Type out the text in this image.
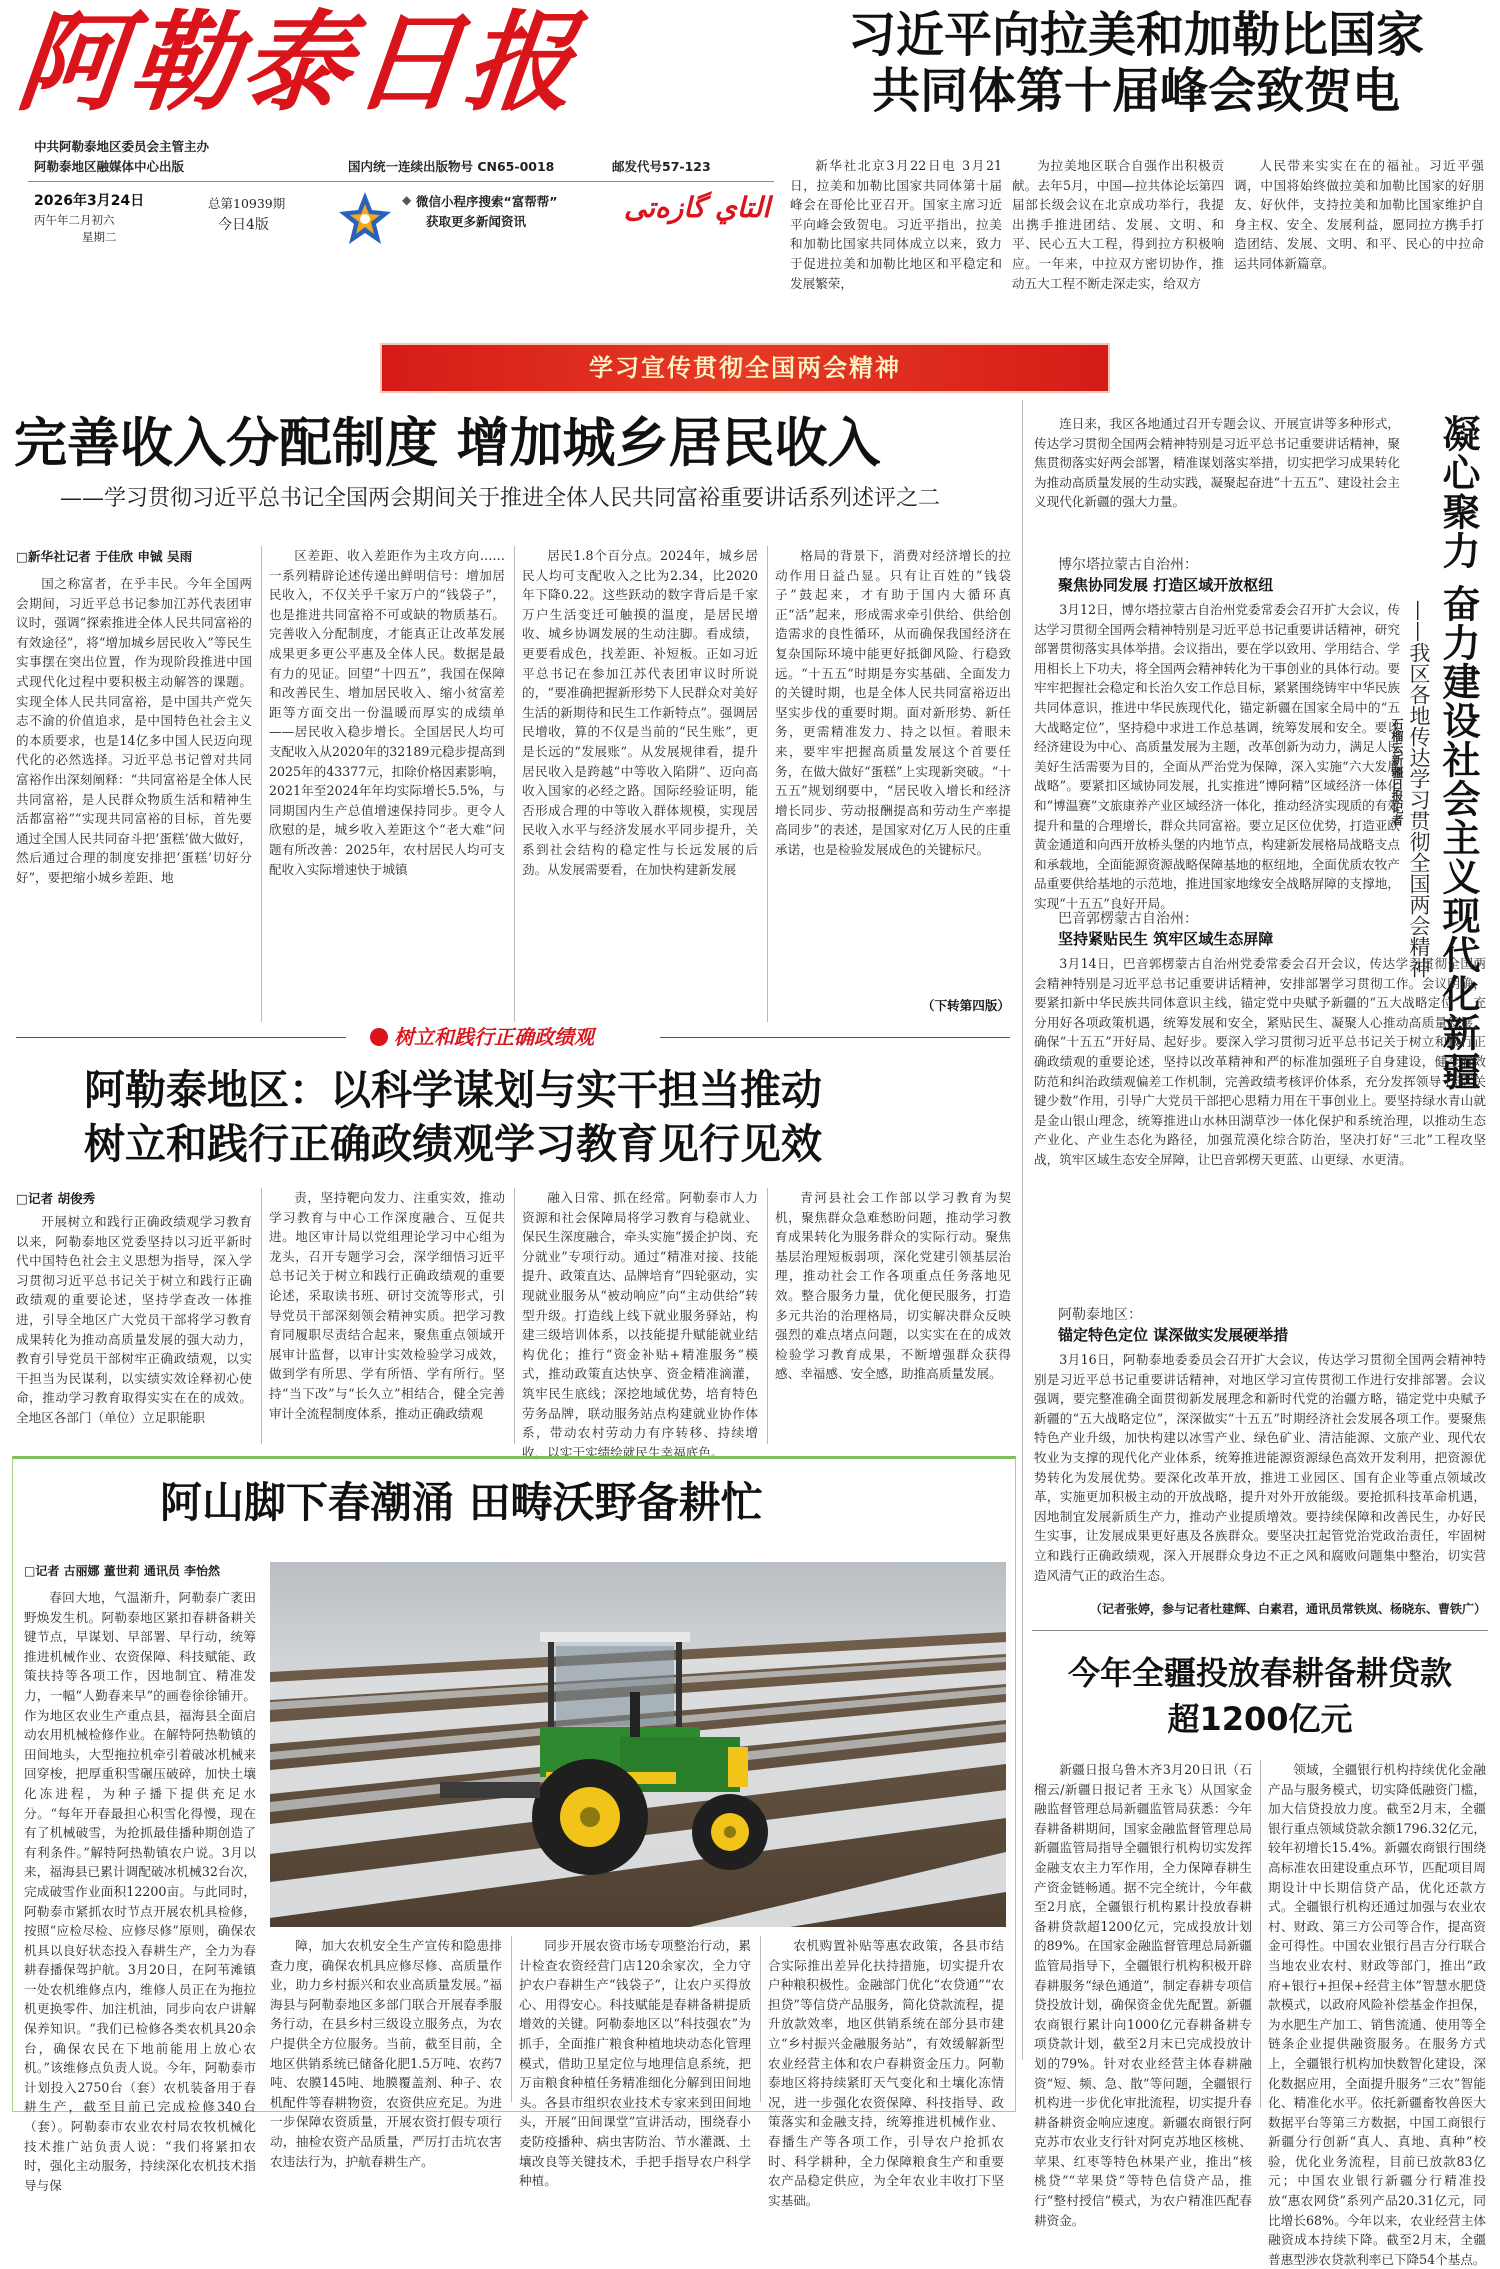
阿勒泰日报
中共阿勒泰地区委员会主管主办
阿勒泰地区融媒体中心出版	国内统一连续出版物号 CN65-0018	邮发代号57-123
2026年3月24日
丙午年二月初六
星期二
总第10939期
今日4版
◆ 微信小程序搜索“富帮帮”
获取更多新闻资讯	التاي گازەتى
习近平向拉美和加勒比国家
共同体第十届峰会致贺电

新华社北京3月22日电 3月21日，拉美和加勒比国家共同体第十届峰会在哥伦比亚召开。国家主席习近平向峰会致贺电。习近平指出，拉美和加勒比国家共同体成立以来，致力于促进拉美和加勒比地区和平稳定和发展繁荣，

为拉美地区联合自强作出积极贡献。去年5月，中国—拉共体论坛第四届部长级会议在北京成功举行，我提出携手推进团结、发展、文明、和平、民心五大工程，得到拉方积极响应。一年来，中拉双方密切协作，推动五大工程不断走深走实，给双方

人民带来实实在在的福祉。习近平强调，中国将始终做拉美和加勒比国家的好朋友、好伙伴，支持拉美和加勒比国家维护自身主权、安全、发展利益，愿同拉方携手打造团结、发展、文明、和平、民心的中拉命运共同体新篇章。

学习宣传贯彻全国两会精神
完善收入分配制度 增加城乡居民收入
——学习贯彻习近平总书记全国两会期间关于推进全体人民共同富裕重要讲话系列述评之二
□新华社记者 于佳欣 申铖 吴雨

国之称富者，在乎丰民。今年全国两会期间，习近平总书记参加江苏代表团审议时，强调“探索推进全体人民共同富裕的有效途径”，将“增加城乡居民收入”等民生实事摆在突出位置，作为现阶段推进中国式现代化过程中要积极主动解答的课题。实现全体人民共同富裕，是中国共产党矢志不渝的价值追求，是中国特色社会主义的本质要求，也是14亿多中国人民迈向现代化的必然选择。习近平总书记曾对共同富裕作出深刻阐释：“共同富裕是全体人民共同富裕，是人民群众物质生活和精神生活都富裕”“实现共同富裕的目标，首先要通过全国人民共同奋斗把‘蛋糕’做大做好，然后通过合理的制度安排把‘蛋糕’切好分好”，要把缩小城乡差距、地

区差距、收入差距作为主攻方向……一系列精辟论述传递出鲜明信号：增加居民收入，不仅关乎千家万户的“钱袋子”，也是推进共同富裕不可或缺的物质基石。完善收入分配制度，才能真正让改革发展成果更多更公平惠及全体人民。数据是最有力的见证。回望“十四五”，我国在保障和改善民生、增加居民收入、缩小贫富差距等方面交出一份温暖而厚实的成绩单——居民收入稳步增长。全国居民人均可支配收入从2020年的32189元稳步提高到2025年的43377元，扣除价格因素影响，2021年至2024年年均实际增长5.5%，与同期国内生产总值增速保持同步。更令人欣慰的是，城乡收入差距这个“老大难”问题有所改善：2025年，农村居民人均可支配收入实际增速快于城镇

居民1.8个百分点。2024年，城乡居民人均可支配收入之比为2.34，比2020年下降0.22。这些跃动的数字背后是千家万户生活变迁可触摸的温度，是居民增收、城乡协调发展的生动注脚。看成绩，更要看成色，找差距、补短板。正如习近平总书记在参加江苏代表团审议时所说的，“要准确把握新形势下人民群众对美好生活的新期待和民生工作新特点”。强调居民增收，算的不仅是当前的“民生账”，更是长远的“发展账”。从发展规律看，提升居民收入是跨越“中等收入陷阱”、迈向高收入国家的必经之路。国际经验证明，能否形成合理的中等收入群体规模，实现居民收入水平与经济发展水平同步提升，关系到社会结构的稳定性与长远发展的后劲。从发展需要看，在加快构建新发展

格局的背景下，消费对经济增长的拉动作用日益凸显。只有让百姓的“钱袋子”鼓起来，才有助于国内大循环真正“活”起来，形成需求牵引供给、供给创造需求的良性循环，从而确保我国经济在复杂国际环境中能更好抵御风险、行稳致远。“十五五”时期是夯实基础、全面发力的关键时期，也是全体人民共同富裕迈出坚实步伐的重要时期。面对新形势、新任务，更需精准发力、持之以恒。着眼未来，要牢牢把握高质量发展这个首要任务，在做大做好“蛋糕”上实现新突破。“十五五”规划纲要中，“居民收入增长和经济增长同步、劳动报酬提高和劳动生产率提高同步”的表述，是国家对亿万人民的庄重承诺，也是检验发展成色的关键标尺。

（下转第四版）
树立和践行正确政绩观
阿勒泰地区：以科学谋划与实干担当推动
树立和践行正确政绩观学习教育见行见效
□记者 胡俊秀

开展树立和践行正确政绩观学习教育以来，阿勒泰地区党委坚持以习近平新时代中国特色社会主义思想为指导，深入学习贯彻习近平总书记关于树立和践行正确政绩观的重要论述，坚持学查改一体推进，引导全地区广大党员干部将学习教育成果转化为推动高质量发展的强大动力，教育引导党员干部树牢正确政绩观，以实干担当为民谋利，以实绩实效诠释初心使命，推动学习教育取得实实在在的成效。全地区各部门（单位）立足职能职

责，坚持靶向发力、注重实效，推动学习教育与中心工作深度融合、互促共进。地区审计局以党组理论学习中心组为龙头，召开专题学习会，深学细悟习近平总书记关于树立和践行正确政绩观的重要论述，采取读书班、研讨交流等形式，引导党员干部深刻领会精神实质。把学习教育同履职尽责结合起来，聚焦重点领域开展审计监督，以审计实效检验学习成效，做到学有所思、学有所悟、学有所行。坚持“当下改”与“长久立”相结合，健全完善审计全流程制度体系，推动正确政绩观

融入日常、抓在经常。阿勒泰市人力资源和社会保障局将学习教育与稳就业、保民生深度融合，牵头实施“援企护岗、充分就业”专项行动。通过“精准对接、技能提升、政策直达、品牌培育”四轮驱动，实现就业服务从“被动响应”向“主动供给”转型升级。打造线上线下就业服务驿站，构建三级培训体系，以技能提升赋能就业结构优化；推行“资金补贴+精准服务”模式，推动政策直达快享、资金精准滴灌，筑牢民生底线；深挖地域优势，培育特色劳务品牌，联动服务站点构建就业协作体系，带动农村劳动力有序转移、持续增收，以实干实绩绘就民生幸福底色。

青河县社会工作部以学习教育为契机，聚焦群众急难愁盼问题，推动学习教育成果转化为服务群众的实际行动。聚焦基层治理短板弱项，深化党建引领基层治理，推动社会工作各项重点任务落地见效。整合服务力量，优化便民服务，打造多元共治的治理格局，切实解决群众反映强烈的难点堵点问题，以实实在在的成效检验学习教育成果，不断增强群众获得感、幸福感、安全感，助推高质量发展。

阿山脚下春潮涌 田畴沃野备耕忙
□记者 古丽娜 董世莉 通讯员 李怡然

春回大地，气温渐升，阿勒泰广袤田野焕发生机。阿勒泰地区紧扣春耕备耕关键节点，早谋划、早部署、早行动，统筹推进机械作业、农资保障、科技赋能、政策扶持等各项工作，因地制宜、精准发力，一幅“人勤春来早”的画卷徐徐铺开。作为地区农业生产重点县，福海县全面启动农用机械检修作业。在解特阿热勒镇的田间地头，大型拖拉机牵引着破冰机械来回穿梭，把厚重积雪碾压破碎，加快土壤化冻进程，为种子播下提供充足水分。“每年开春最担心积雪化得慢，现在有了机械破雪，为抢抓最佳播种期创造了有利条件。”解特阿热勒镇农户说。3月以来，福海县已累计调配破冰机械32台次，完成破雪作业面积12200亩。与此同时，阿勒泰市紧抓农时节点开展农机具检修，按照“应检尽检、应修尽修”原则，确保农机具以良好状态投入春耕生产，全力为春耕春播保驾护航。3月20日，在阿苇滩镇一处农机维修点内，维修人员正在为拖拉机更换零件、加注机油，同步向农户讲解保养知识。“我们已检修各类农机具20余台，确保农民在下地前能用上放心农机。”该维修点负责人说。今年，阿勒泰市计划投入2750台（套）农机装备用于春耕生产，截至目前已完成检修340台（套）。阿勒泰市农业农村局农牧机械化技术推广站负责人说：“我们将紧扣农时，强化主动服务，持续深化农机技术指导与保

障，加大农机安全生产宣传和隐患排查力度，确保农机具应修尽修、高质量作业，助力乡村振兴和农业高质量发展。”福海县与阿勒泰地区多部门联合开展春季服务行动，在县乡村三级设立服务点，为农户提供全方位服务。当前，截至目前，全地区供销系统已储备化肥1.5万吨、农药7吨、农膜145吨、地膜覆盖剂、种子、农机配件等春耕物资，农资供应充足。为进一步保障农资质量，开展农资打假专项行动，抽检农资产品质量，严厉打击坑农害农违法行为，护航春耕生产。

同步开展农资市场专项整治行动，累计检查农资经营门店120余家次，全力守护农户春耕生产“钱袋子”，让农户买得放心、用得安心。科技赋能是春耕备耕提质增效的关键。阿勒泰地区以“科技强农”为抓手，全面推广粮食种植地块动态化管理模式，借助卫星定位与地理信息系统，把万亩粮食种植任务精准细化分解到田间地头。各县市组织农业技术专家来到田间地头，开展“田间课堂”宣讲活动，围绕春小麦防疫播种、病虫害防治、节水灌溉、土壤改良等关键技术，手把手指导农户科学种植。

农机购置补贴等惠农政策，各县市结合实际推出差异化扶持措施，切实提升农户种粮积极性。金融部门优化“农贷通”“农担贷”等信贷产品服务，简化贷款流程，提升放款效率，地区供销系统在部分县市建立“乡村振兴金融服务站”，有效缓解新型农业经营主体和农户春耕资金压力。阿勒泰地区将持续紧盯天气变化和土壤化冻情况，进一步强化农资保障、科技指导、政策落实和金融支持，统筹推进机械作业、春播生产等各项工作，引导农户抢抓农时、科学耕种，全力保障粮食生产和重要农产品稳定供应，为全年农业丰收打下坚实基础。

连日来，我区各地通过召开专题会议、开展宣讲等多种形式，传达学习贯彻全国两会精神特别是习近平总书记重要讲话精神，聚焦贯彻落实好两会部署，精准谋划落实举措，切实把学习成果转化为推动高质量发展的生动实践，凝聚起奋进“十五五”、建设社会主义现代化新疆的强大力量。	凝心聚力 奋力建设社会主义现代化新疆
——我区各地传达学习贯彻全国两会精神
石榴云新疆日报记者
博尔塔拉蒙古自治州：
聚焦协同发展 打造区域开放枢纽

3月12日，博尔塔拉蒙古自治州党委常委会召开扩大会议，传达学习贯彻全国两会精神特别是习近平总书记重要讲话精神，研究部署贯彻落实具体举措。会议指出，要在学以致用、学用结合、学用相长上下功夫，将全国两会精神转化为干事创业的具体行动。要牢牢把握社会稳定和长治久安工作总目标，紧紧围绕铸牢中华民族共同体意识，推进中华民族现代化，锚定新疆在国家全局中的“五大战略定位”，坚持稳中求进工作总基调，统筹发展和安全。要以经济建设为中心、高质量发展为主题，改革创新为动力，满足人民美好生活需要为目的，全面从严治党为保障，深入实施“六大发展战略”。要紧扣区域协同发展，扎实推进“博阿精”区域经济一体化和“博温赛”文旅康养产业区域经济一体化，推动经济实现质的有效提升和量的合理增长，群众共同富裕。要立足区位优势，打造亚欧黄金通道和向西开放桥头堡的内地节点，构建新发展格局战略支点和承载地，全面能源资源战略保障基地的枢纽地，全面优质农牧产品重要供给基地的示范地，推进国家地缘安全战略屏障的支撑地，实现“十五五”良好开局。

巴音郭楞蒙古自治州：
坚持紧贴民生 筑牢区域生态屏障

3月14日，巴音郭楞蒙古自治州党委常委会召开会议，传达学习贯彻全国两会精神特别是习近平总书记重要讲话精神，安排部署学习贯彻工作。会议明确，要紧扣新中华民族共同体意识主线，锚定党中央赋予新疆的“五大战略定位”，充分用好各项政策机遇，统筹发展和安全，紧贴民生、凝聚人心推动高质量发展，确保“十五五”开好局、起好步。要深入学习贯彻习近平总书记关于树立和践行正确政绩观的重要论述，坚持以改革精神和严的标准加强班子自身建设，健全有效防范和纠治政绩观偏差工作机制，完善政绩考核评价体系，充分发挥领导干部“关键少数”作用，引导广大党员干部把心思精力用在干事创业上。要坚持绿水青山就是金山银山理念，统筹推进山水林田湖草沙一体化保护和系统治理，以推动生态产业化、产业生态化为路径，加强荒漠化综合防治，坚决打好“三北”工程攻坚战，筑牢区域生态安全屏障，让巴音郭楞天更蓝、山更绿、水更清。

阿勒泰地区：
锚定特色定位 谋深做实发展硬举措

3月16日，阿勒泰地委委员会召开扩大会议，传达学习贯彻全国两会精神特别是习近平总书记重要讲话精神，对地区学习宣传贯彻工作进行安排部署。会议强调，要完整准确全面贯彻新发展理念和新时代党的治疆方略，锚定党中央赋予新疆的“五大战略定位”，深深做实“十五五”时期经济社会发展各项工作。要聚焦特色产业升级，加快构建以冰雪产业、绿色矿业、清洁能源、文旅产业、现代农牧业为支撑的现代化产业体系，统筹推进能源资源绿色高效开发利用，把资源优势转化为发展优势。要深化改革开放，推进工业园区、国有企业等重点领域改革，实施更加积极主动的开放战略，提升对外开放能级。要抢抓科技革命机遇，因地制宜发展新质生产力，推动产业提质增效。要持续保障和改善民生，办好民生实事，让发展成果更好惠及各族群众。要坚决扛起管党治党政治责任，牢固树立和践行正确政绩观，深入开展群众身边不正之风和腐败问题集中整治，切实营造风清气正的政治生态。

（记者张婷，参与记者杜建辉、白素君，通讯员常铁岚、杨晓东、曹铁广）
今年全疆投放春耕备耕贷款
超1200亿元

新疆日报乌鲁木齐3月20日讯（石榴云/新疆日报记者 王永飞）从国家金融监督管理总局新疆监管局获悉：今年春耕备耕期间，国家金融监督管理总局新疆监管局指导全疆银行机构切实发挥金融支农主力军作用，全力保障春耕生产资金链畅通。据不完全统计，今年截至2月底，全疆银行机构累计投放春耕备耕贷款超1200亿元，完成投放计划的89%。在国家金融监督管理总局新疆监管局指导下，全疆银行机构积极开辟春耕服务“绿色通道”，制定春耕专项信贷投放计划，确保资金优先配置。新疆农商银行累计向1000亿元春耕备耕专项贷款计划，截至2月末已完成投放计划的79%。针对农业经营主体春耕融资“短、频、急、散”等问题，全疆银行机构进一步优化审批流程，切实提升春耕备耕资金响应速度。新疆农商银行阿克苏市农业支行针对阿克苏地区核桃、苹果、红枣等特色林果产业，推出“核桃贷”“苹果贷”等特色信贷产品，推行“整村授信”模式，为农户精准匹配春耕资金。

领域，全疆银行机构持续优化金融产品与服务模式，切实降低融资门槛，加大信贷投放力度。截至2月末，全疆银行重点领域贷款余额1796.32亿元，较年初增长15.4%。新疆农商银行围绕高标准农田建设重点环节，匹配项目周期设计中长期信贷产品，优化还款方式。全疆银行机构还通过加强与农业农村、财政、第三方公司等合作，提高资金可得性。中国农业银行昌吉分行联合当地农业农村、财政等部门，推出“政府+银行+担保+经营主体”智慧水肥贷款模式，以政府风险补偿基金作担保，为水肥生产加工、销售流通、使用等全链条企业提供融资服务。在服务方式上，全疆银行机构加快数智化建设，深化数据应用，全面提升服务“三农”智能化、精准化水平。依托新疆畜牧兽医大数据平台等第三方数据，中国工商银行新疆分行创新“真人、真地、真种”校验，优化业务流程，目前已放款83亿元；中国农业银行新疆分行精准投放“惠农网贷”系列产品20.31亿元，同比增长68%。今年以来，农业经营主体融资成本持续下降。截至2月末，全疆普惠型涉农贷款利率已下降54个基点。
